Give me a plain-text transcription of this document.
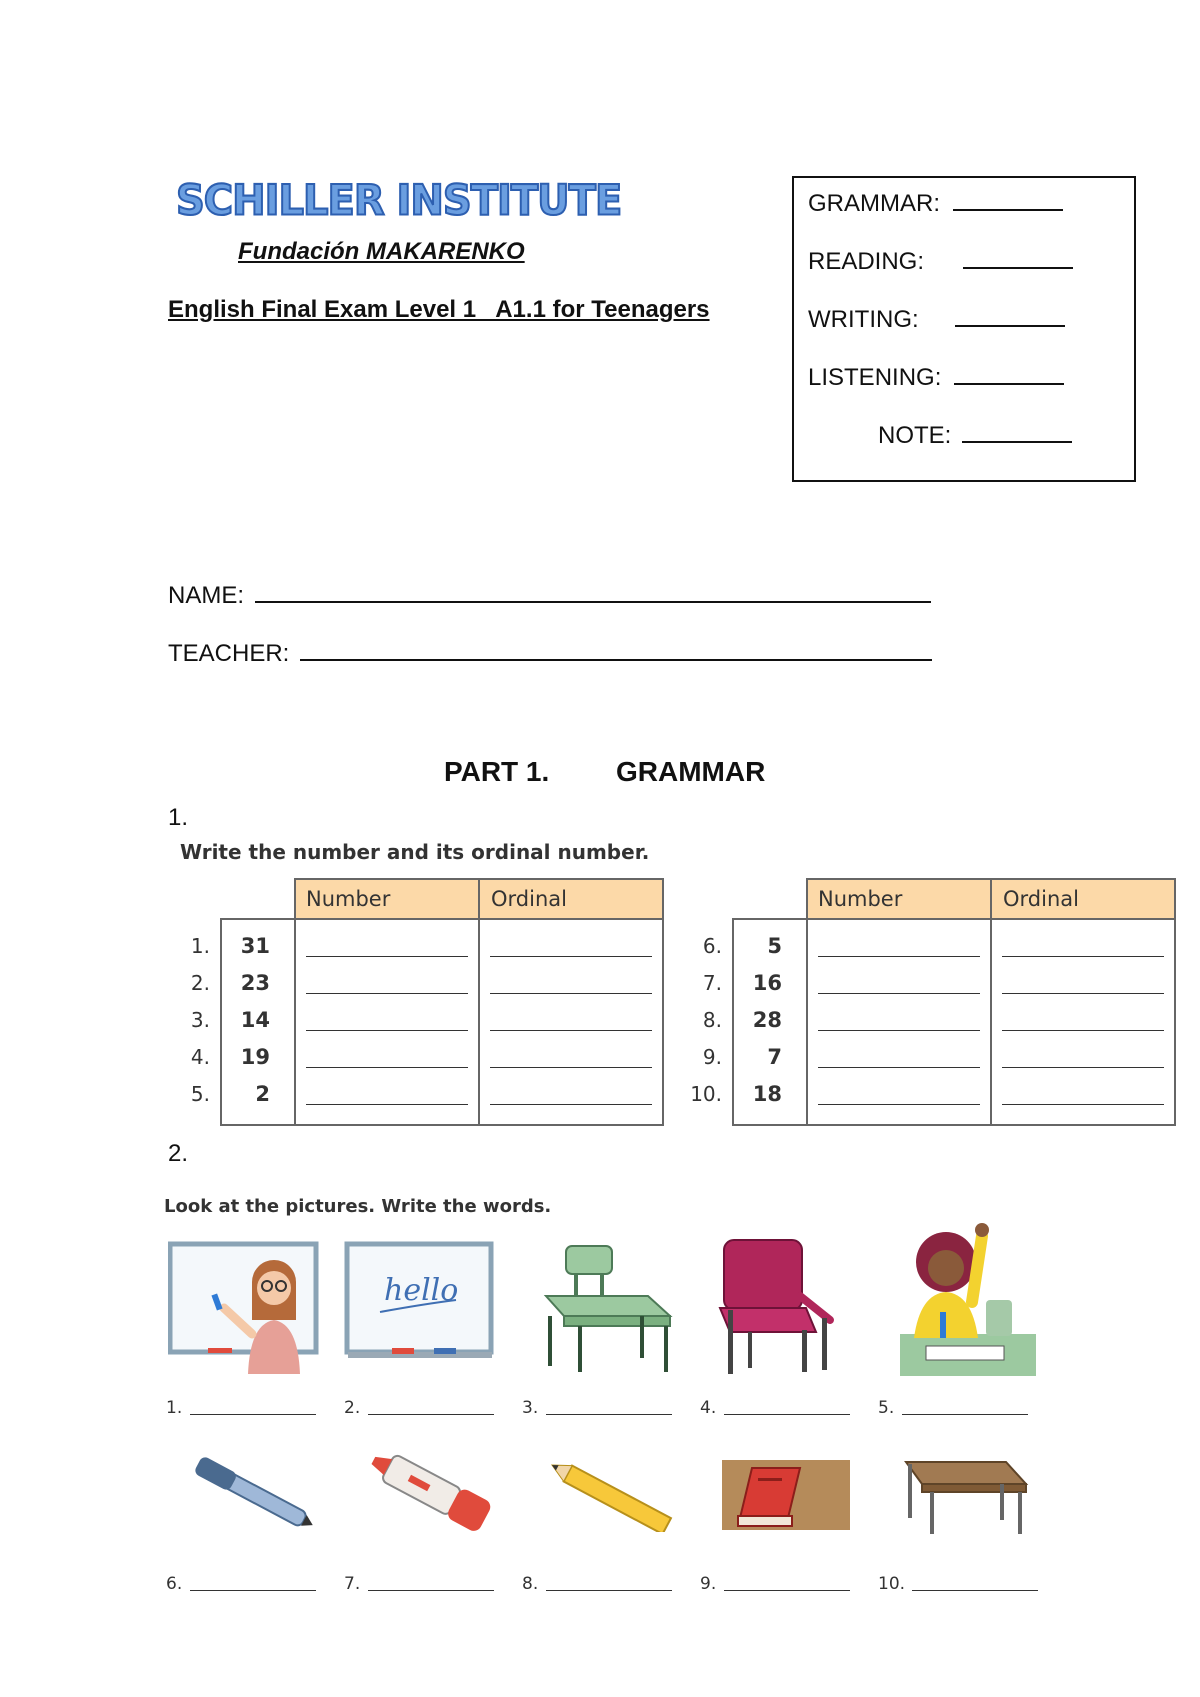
SCHILLER INSTITUTE
Fundación MAKARENKO
English Final Exam Level 1   A1.1 for Teenagers
GRAMMAR:
READING:
WRITING:
LISTENING:
NOTE:
NAME:
TEACHER:
PART 1. GRAMMAR
1.
Write the number and its ordinal number.
Number	Ordinal
1.	31
2.	23
3.	14
4.	19
5.	2
Number	Ordinal
6.	5
7.	16
8.	28
9.	7
10.	18
2.
Look at the pictures. Write the words.
hello
1.	2.	3.	4.	5.
6.	7.	8.	9.	10.
